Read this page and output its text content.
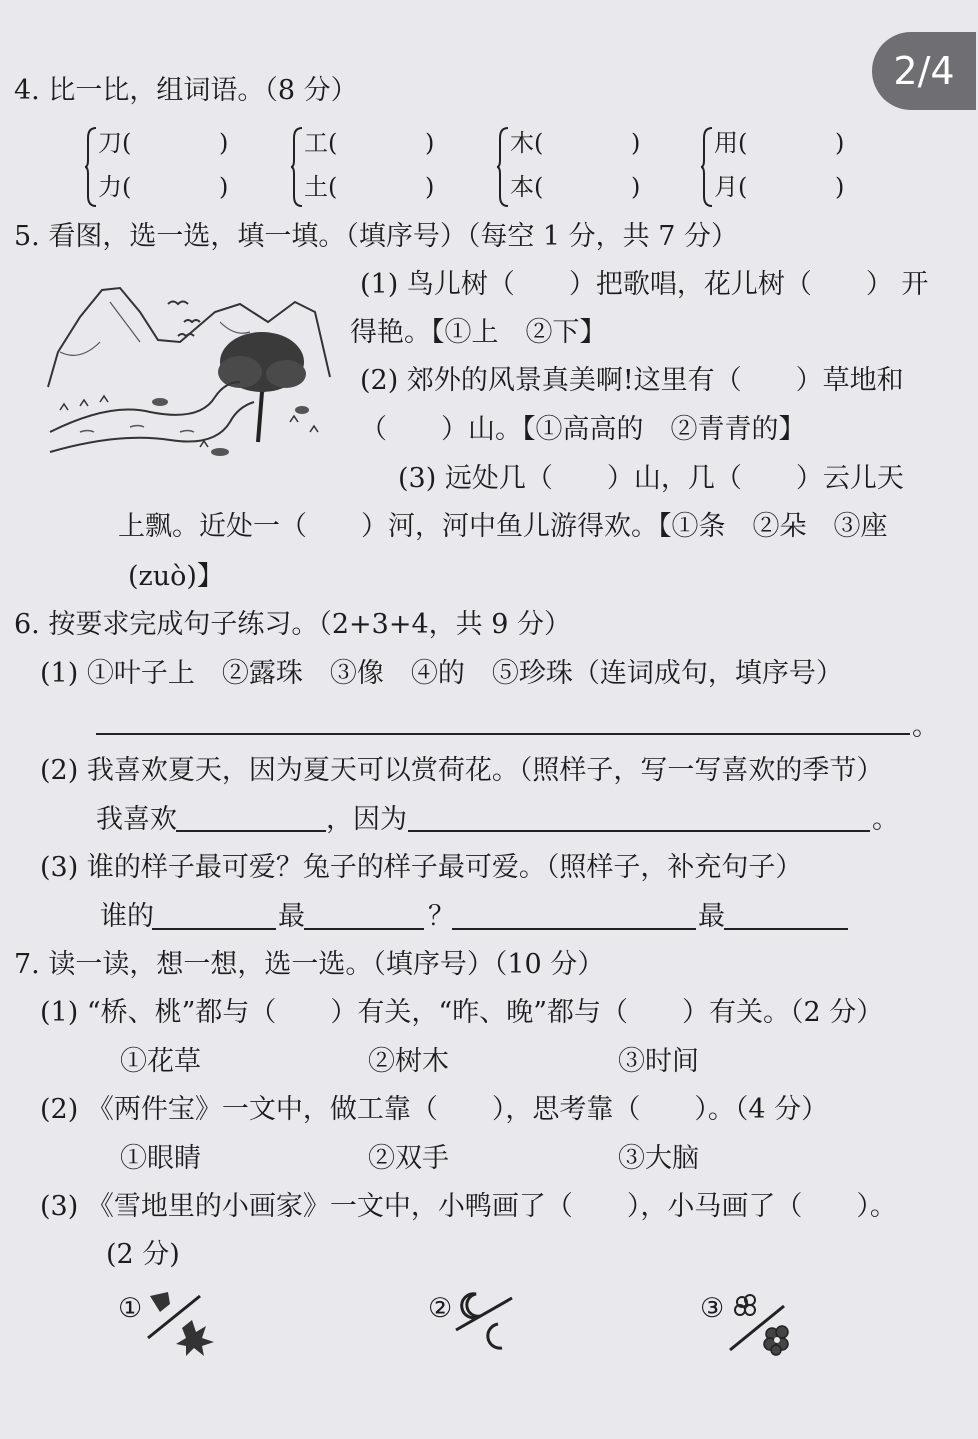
2/4
4. 比一比，组词语。（8 分）
刀(	)
力(	)
工(	)
土(	)
木(	)
本(	)
用(	)
月(	)
5. 看图，选一选，填一填。（填序号）（每空 1 分，共 7 分）
(1) 鸟儿树（　　）把歌唱，花儿树（　　） 开
得艳。【①上　②下】
(2) 郊外的风景真美啊!这里有（　　）草地和
（　　）山。【①高高的　②青青的】
(3) 远处几（　　）山，几（　　）云儿天
上飘。近处一（　　）河，河中鱼儿游得欢。【①条　②朵　③座
(zuò)】
6. 按要求完成句子练习。（2+3+4，共 9 分）
(1) ①叶子上　②露珠　③像　④的　⑤珍珠（连词成句，填序号）
。
(2) 我喜欢夏天，因为夏天可以赏荷花。（照样子，写一写喜欢的季节）
我喜欢	，因为	。
(3) 谁的样子最可爱？兔子的样子最可爱。（照样子，补充句子）
谁的	最	？	最
7. 读一读，想一想，选一选。（填序号）（10 分）
(1) “桥、桃”都与（　　）有关，“昨、晚”都与（　　）有关。（2 分）
①花草	②树木	③时间
(2) 《两件宝》一文中，做工靠（　　），思考靠（　　）。（4 分）
①眼睛	②双手	③大脑
(3) 《雪地里的小画家》一文中，小鸭画了（　　），小马画了（　　）。
(2 分)
①	②	③
